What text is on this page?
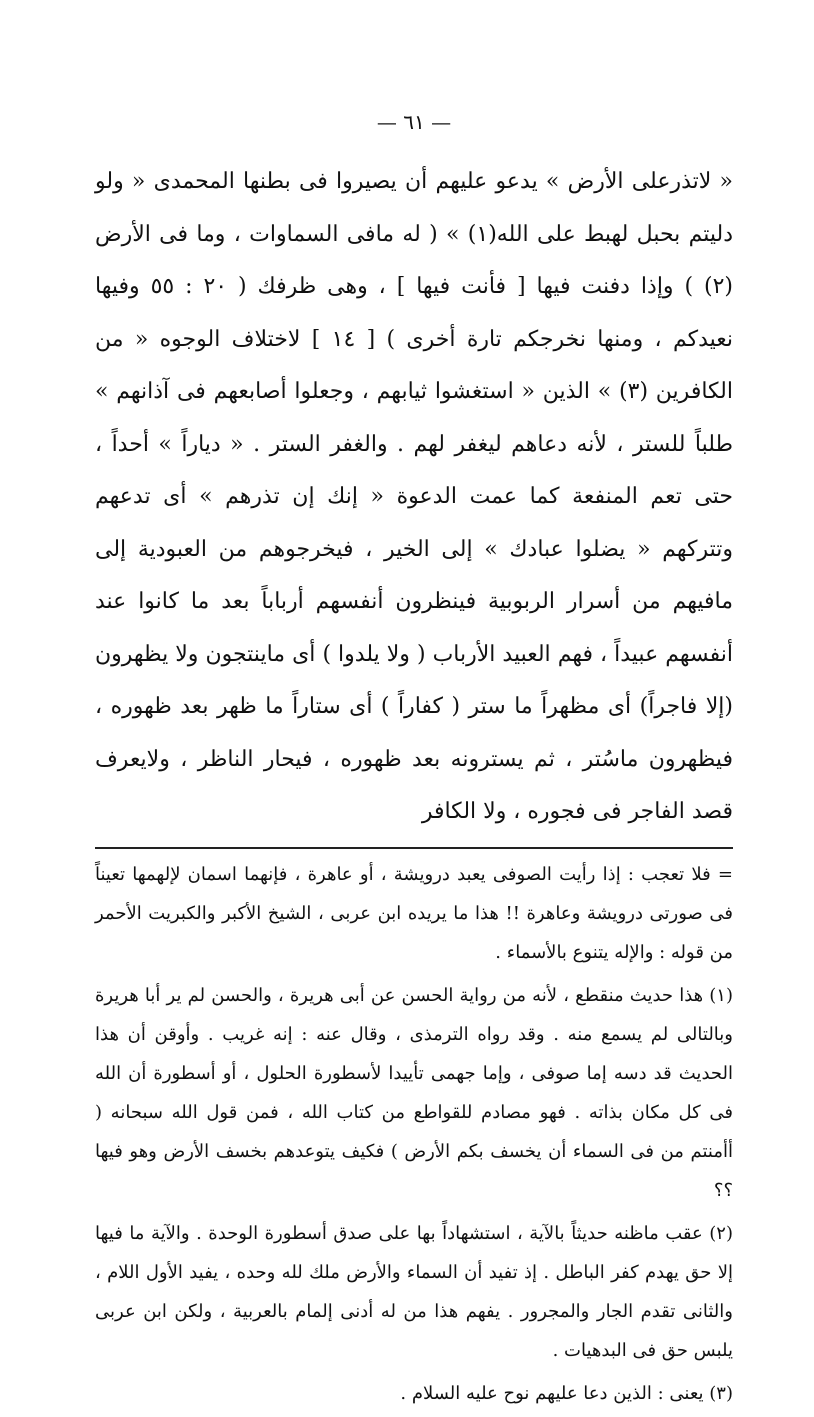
— ٦١ —

« لاتذرعلى الأرض » يدعو عليهم أن يصيروا فى بطنها المحمدى « ولو دليتم بحبل لهبط على الله(١) » ( له مافى السماوات ، وما فى الأرض (٢) ) وإذا دفنت فيها [ فأنت فيها ] ، وهى ظرفك ( ٢٠ : ٥٥ وفيها نعيدكم ، ومنها نخرجكم تارة أخرى ) [ ١٤ ] لاختلاف الوجوه « من الكافرين (٣) » الذين « استغشوا ثيابهم ، وجعلوا أصابعهم فى آذانهم » طلباً للستر ، لأنه دعاهم ليغفر لهم . والغفر الستر . « دياراً » أحداً ، حتى تعم المنفعة كما عمت الدعوة « إنك إن تذرهم » أى تدعهم وتتركهم « يضلوا عبادك » إلى الخير ، فيخرجوهم من العبودية إلى مافيهم من أسرار الربوبية فينظرون أنفسهم أرباباً بعد ما كانوا عند أنفسهم عبيداً ، فهم العبيد الأرباب ( ولا يلدوا ) أى ماينتجون ولا يظهرون (إلا فاجراً) أى مظهراً ما ستر ( كفاراً ) أى ستاراً ما ظهر بعد ظهوره ، فيظهرون ماسُتر ، ثم يسترونه بعد ظهوره ، فيحار الناظر ، ولايعرف قصد الفاجر فى فجوره ، ولا الكافر

= فلا تعجب : إذا رأيت الصوفى يعبد درويشة ، أو عاهرة ، فإنهما اسمان لإلهمها تعيناً فى صورتى درويشة وعاهرة !! هذا ما يريده ابن عربى ، الشيخ الأكبر والكبريت الأحمر من قوله : والإله يتنوع بالأسماء .

(١) هذا حديث منقطع ، لأنه من رواية الحسن عن أبى هريرة ، والحسن لم ير أبا هريرة وبالتالى لم يسمع منه . وقد رواه الترمذى ، وقال عنه : إنه غريب . وأوقن أن هذا الحديث قد دسه إما صوفى ، وإما جهمى تأييدا لأسطورة الحلول ، أو أسطورة أن الله فى كل مكان بذاته . فهو مصادم للقواطع من كتاب الله ، فمن قول الله سبحانه ( أأمنتم من فى السماء أن يخسف بكم الأرض ) فكيف يتوعدهم بخسف الأرض وهو فيها ؟؟

(٢) عقب ماظنه حديثاً بالآية ، استشهاداً بها على صدق أسطورة الوحدة . والآية ما فيها إلا حق يهدم كفر الباطل . إذ تفيد أن السماء والأرض ملك لله وحده ، يفيد الأول اللام ، والثانى تقدم الجار والمجرور . يفهم هذا من له أدنى إلمام بالعربية ، ولكن ابن عربى يلبس حق فى البدهيات .

(٣) يعنى : الذين دعا عليهم نوح عليه السلام .
